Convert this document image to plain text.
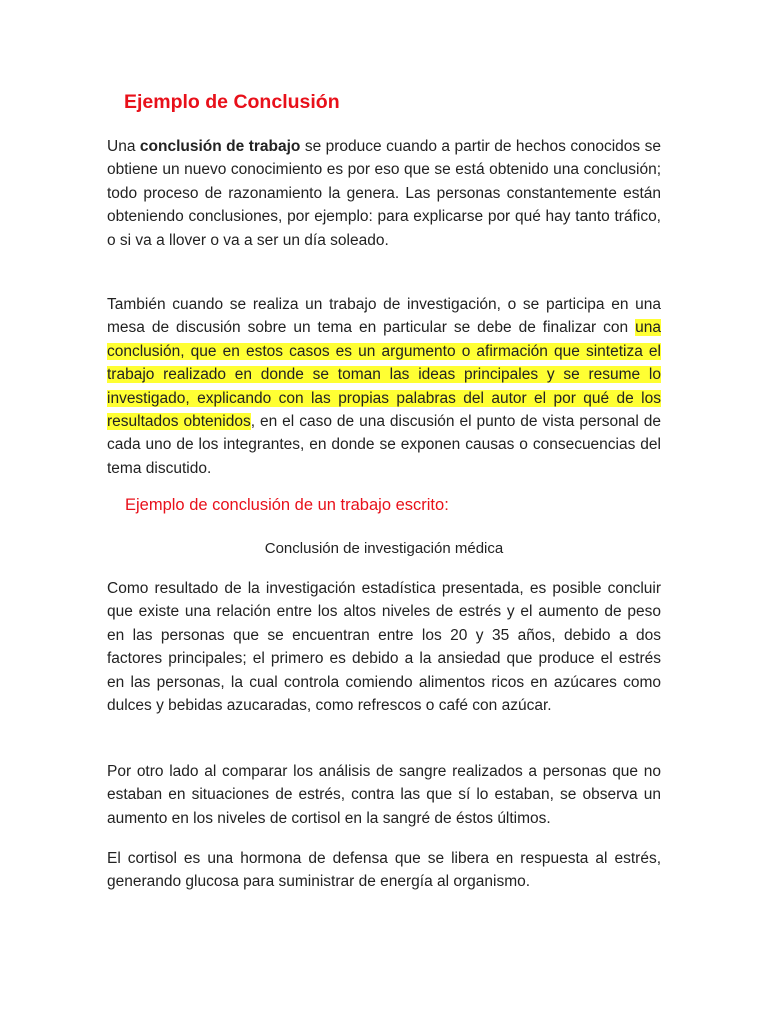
Ejemplo de Conclusión

Una conclusión de trabajo se produce cuando a partir de hechos conocidos se obtiene un nuevo conocimiento es por eso que se está obtenido una conclusión; todo proceso de razonamiento la genera. Las personas constantemente están obteniendo conclusiones, por ejemplo: para explicarse por qué hay tanto tráfico, o si va a llover o va a ser un día soleado.

También cuando se realiza un trabajo de investigación, o se participa en una mesa de discusión sobre un tema en particular se debe de finalizar con una conclusión, que en estos casos es un argumento o afirmación que sintetiza el trabajo realizado en donde se toman las ideas principales y se resume lo investigado, explicando con las propias palabras del autor el por qué de los resultados obtenidos, en el caso de una discusión el punto de vista personal de cada uno de los integrantes, en donde se exponen causas o consecuencias del tema discutido.

Ejemplo de conclusión de un trabajo escrito:

Conclusión de investigación médica

Como resultado de la investigación estadística presentada, es posible concluir que existe una relación entre los altos niveles de estrés y el aumento de peso en las personas que se encuentran entre los 20 y 35 años, debido a dos factores principales; el primero es debido a la ansiedad que produce el estrés en las personas, la cual controla comiendo alimentos ricos en azúcares como dulces y bebidas azucaradas, como refrescos o café con azúcar.

Por otro lado al comparar los análisis de sangre realizados a personas que no estaban en situaciones de estrés, contra las que sí lo estaban, se observa un aumento en los niveles de cortisol en la sangré de éstos últimos.

El cortisol es una hormona de defensa que se libera en respuesta al estrés, generando glucosa para suministrar de energía al organismo.
